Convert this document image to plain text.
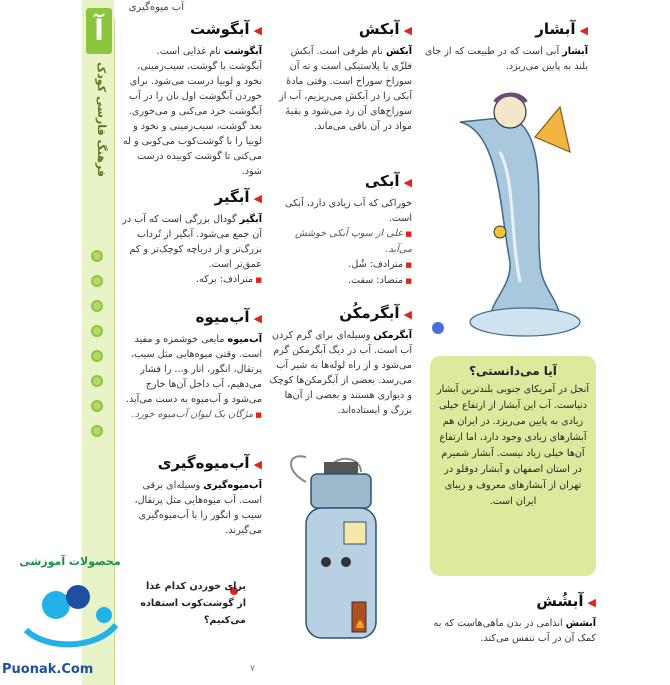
آ
فرهنگ فارسی کودک
آب میوه‌گیری
◀آبشار
آبشار آبی است که در طبیعت که از جای بلند به پایین می‌ریزد.
◀آبکش
آبکش نام ظرفی است. آبکش فلزّی یا پلاستیکی است و ته آن سوراخ سوراخ است. وقتی مادهٔ آبکی را در آبکش می‌ریزیم، آب از سوراخ‌های آن رد می‌شود و بقیهٔ مواد در آن باقی می‌ماند.
◀آبگوشت
آبگوشت نام غذایی است. آبگوشت با گوشت، سیب‌زمینی، نخود و لوبیا درست می‌شود. برای خوردن آبگوشت اول نان را در آب آبگوشت خرد می‌کنی و می‌خوری. بعد گوشت، سیب‌زمینی و نخود و لوبیا را با گوشت‌کوب می‌کوبی و له می‌کنی تا گوشت کوبیده درست شود.
◀آبکی
خوراکی که آب زیادی دارد، آبکی است.
■ علی از سوپ آبکی خوشش می‌آید.
■ مترادف: شُل.
■ متضاد: سفت.
◀آبگیر
آبگیر گودال بزرگی است که آب در آن جمع می‌شود. آبگیر از تُرداب بزرگ‌تر و از دریاچه کوچک‌تر و کم عمق‌تر است.
■ مترادف: برکه.
◀آب‌میوه
آب‌میوه مایعی خوشمزه و مفید است. وقتی میوه‌هایی مثل سیب، پرتقال، انگور، انار و... را فشار می‌دهیم، آب داخل آن‌ها خارج می‌شود و آب‌میوه به دست می‌آید.
■ مژگان یک لیوان آب‌میوه خورد.
◀آبگرمکُن
آبگرمکن وسیله‌ای برای گرم کردن آب است. آب در دیگ آبگرمکن گرم می‌شود و از راه لوله‌ها به شیر آب می‌رسد. بعضی از آبگرمکن‌ها کوچک و دیواری هستند و بعضی از آن‌ها بزرگ و ایستاده‌اند.
◀آب‌میوه‌گیری
آب‌میوه‌گیری وسیله‌ای برقی است. آب میوه‌هایی مثل پرتقال، سیب و انگور را با آب‌میوه‌گیری می‌گیرند.
◀آبشُش
آبشش اندامی در بدن ماهی‌هاست که به کمک آن در آب تنفس می‌کند.
آیا می‌دانستی؟
آنجل در آمریکای جنوبی بلندترین آبشار دنیاست. آب این آبشار از ارتفاع خیلی زیادی به پایین می‌ریزد. در ایران هم آبشارهای زیادی وجود دارد، اما ارتفاع آن‌ها خیلی زیاد نیست. آبشار شمیرم در استان اصفهان و آبشار دوقلو در تهران از آبشارهای معروف و زیبای ایران است.
برای خوردن کدام غذا از گوشت‌کوب استفاده می‌کنیم؟
محصولات آموزشی
Puonak.Com	۷
